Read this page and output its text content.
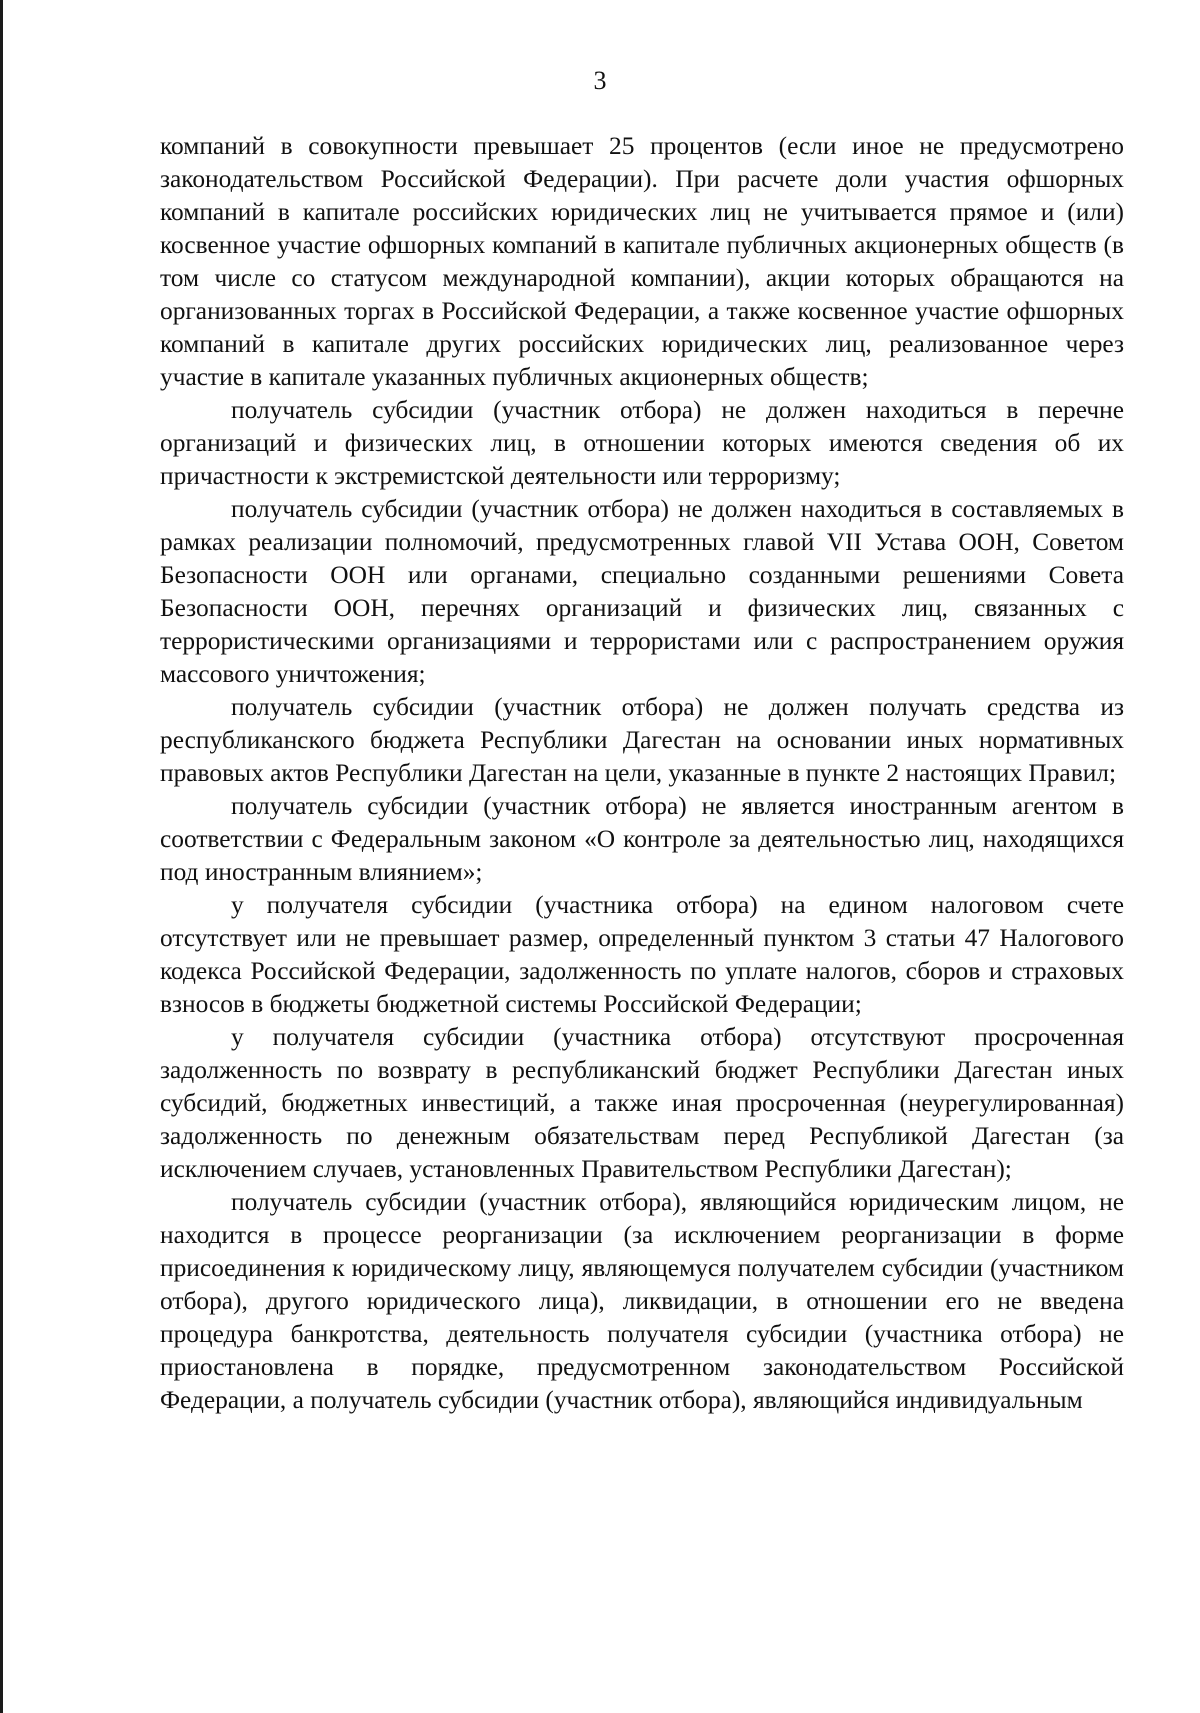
3

компаний в совокупности превышает 25 процентов (если иное не предусмотрено законодательством Российской Федерации). При расчете доли участия офшорных компаний в капитале российских юридических лиц не учитывается прямое и (или) косвенное участие офшорных компаний в капитале публичных акционерных обществ (в том числе со статусом международной компании), акции которых обращаются на организованных торгах в Российской Федерации, а также косвенное участие офшорных компаний в капитале других российских юридических лиц, реализованное через участие в капитале указанных публичных акционерных обществ;

получатель субсидии (участник отбора) не должен находиться в перечне организаций и физических лиц, в отношении которых имеются сведения об их причастности к экстремистской деятельности или терроризму;

получатель субсидии (участник отбора) не должен находиться в составляемых в рамках реализации полномочий, предусмотренных главой VII Устава ООН, Советом Безопасности ООН или органами, специально созданными решениями Совета Безопасности ООН, перечнях организаций и физических лиц, связанных с террористическими организациями и террористами или с распространением оружия массового уничтожения;

получатель субсидии (участник отбора) не должен получать средства из республиканского бюджета Республики Дагестан на основании иных нормативных правовых актов Республики Дагестан на цели, указанные в пункте 2 настоящих Правил;

получатель субсидии (участник отбора) не является иностранным агентом в соответствии с Федеральным законом «О контроле за деятельностью лиц, находящихся под иностранным влиянием»;

у получателя субсидии (участника отбора) на едином налоговом счете отсутствует или не превышает размер, определенный пунктом 3 статьи 47 Налогового кодекса Российской Федерации, задолженность по уплате налогов, сборов и страховых взносов в бюджеты бюджетной системы Российской Федерации;

у получателя субсидии (участника отбора) отсутствуют просроченная задолженность по возврату в республиканский бюджет Республики Дагестан иных субсидий, бюджетных инвестиций, а также иная просроченная (неурегулированная) задолженность по денежным обязательствам перед Республикой Дагестан (за исключением случаев, установленных Правительством Республики Дагестан);

получатель субсидии (участник отбора), являющийся юридическим лицом, не находится в процессе реорганизации (за исключением реорганизации в форме присоединения к юридическому лицу, являющемуся получателем субсидии (участником отбора), другого юридического лица), ликвидации, в отношении его не введена процедура банкротства, деятельность получателя субсидии (участника отбора) не приостановлена в порядке, предусмотренном законодательством Российской Федерации, а получатель субсидии (участник отбора), являющийся индивидуальным
